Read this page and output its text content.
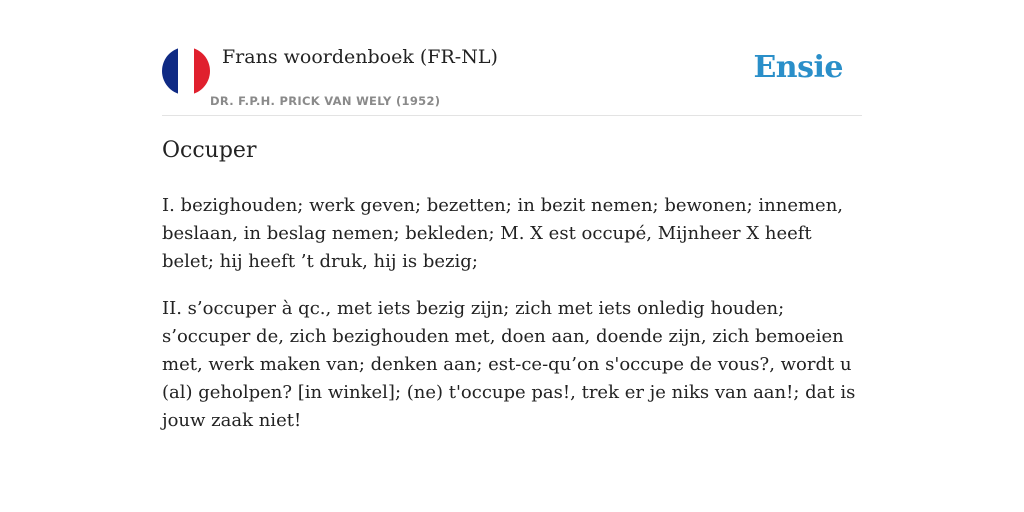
Frans woordenboek (FR-NL)
DR. F.P.H. PRICK VAN WELY (1952)
Ensie
Occuper

I. bezighouden; werk geven; bezetten; in bezit nemen; bewonen; innemen, beslaan, in beslag nemen; bekleden; M. X est occupé, Mijnheer X heeft belet; hij heeft ’t druk, hij is bezig;

II. s’occuper à qc., met iets bezig zijn; zich met iets onledig houden; s’occuper de, zich bezighouden met, doen aan, doende zijn, zich bemoeien met, werk maken van; denken aan; est-ce-qu’on s'occupe de vous?, wordt u (al) geholpen? [in winkel]; (ne) t'occupe pas!, trek er je niks van aan!; dat is jouw zaak niet!
